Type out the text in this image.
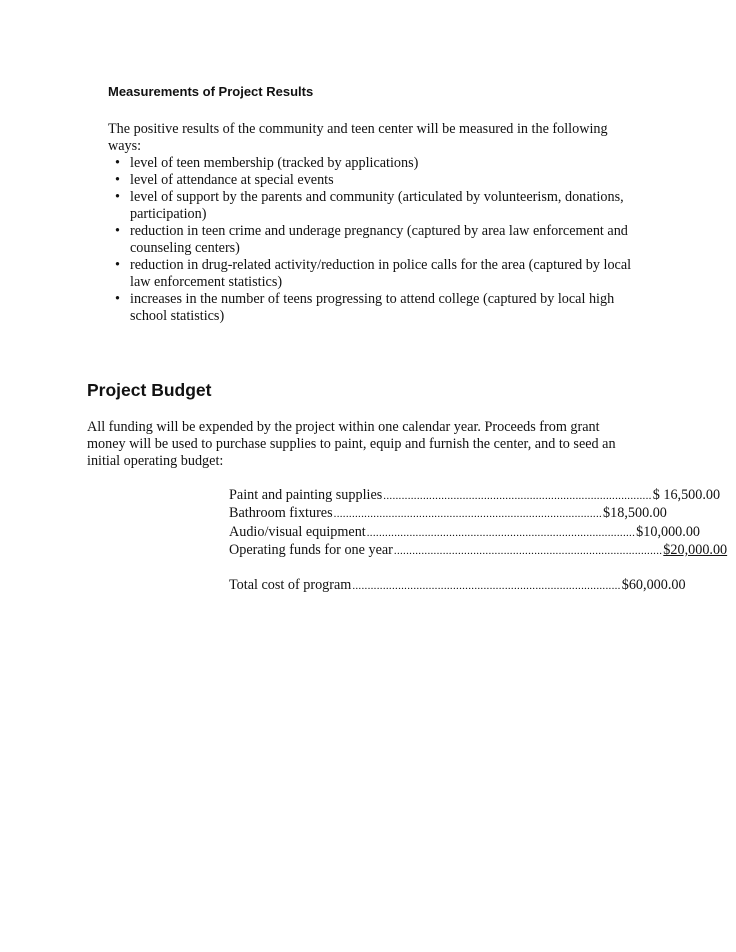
Measurements of Project Results

The positive results of the community and teen center will be measured in the following ways:

• level of teen membership (tracked by applications)
• level of attendance at special events
• level of support by the parents and community (articulated by volunteerism, donations, participation)
• reduction in teen crime and underage pregnancy (captured by area law enforcement and counseling centers)
• reduction in drug-related activity/reduction in police calls for the area (captured by local law enforcement statistics)
• increases in the number of teens progressing to attend college (captured by local high school statistics)
Project Budget

All funding will be expended by the project within one calendar year. Proceeds from grant money will be used to purchase supplies to paint, equip and furnish the center, and to seed an initial operating budget:

Paint and painting supplies ........................................................................................ $ 16,500.00
Bathroom fixtures ........................................................................................ $18,500.00
Audio/visual equipment ........................................................................................ $10,000.00
Operating funds for one year ........................................................................................ $20,000.00
Total cost of program ........................................................................................ $60,000.00
